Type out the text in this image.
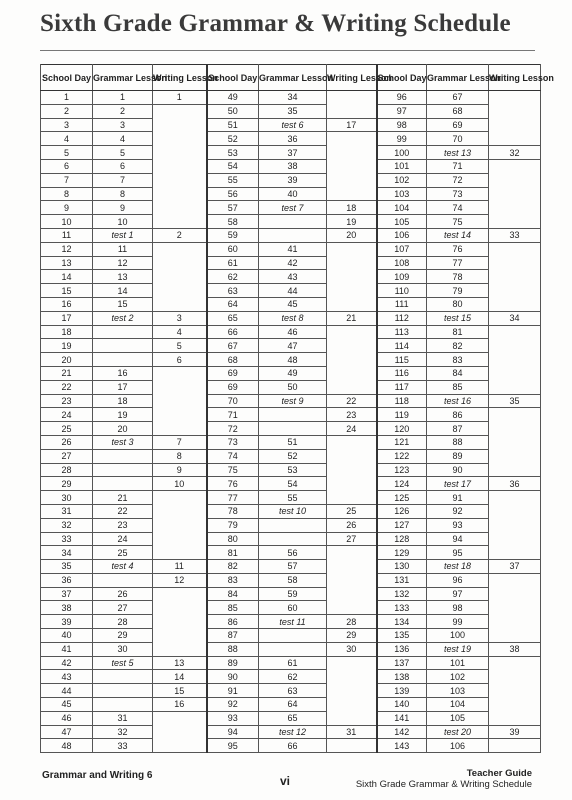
Sixth Grade Grammar & Writing Schedule
School Day	Grammar Lesson	Writing Lesson	School Day	Grammar Lesson	Writing Lesson	School Day	Grammar Lesson	Writing Lesson
1	1	1	49	34		96	67	
2	2		50	35		97	68	
3	3		51	test 6	17	98	69	
4	4		52	36		99	70	
5	5		53	37		100	test 13	32
6	6		54	38		101	71	
7	7		55	39		102	72	
8	8		56	40		103	73	
9	9		57	test 7	18	104	74	
10	10		58		19	105	75	
11	test 1	2	59		20	106	test 14	33
12	11		60	41		107	76	
13	12		61	42		108	77	
14	13		62	43		109	78	
15	14		63	44		110	79	
16	15		64	45		111	80	
17	test 2	3	65	test 8	21	112	test 15	34
18		4	66	46		113	81	
19		5	67	47		114	82	
20		6	68	48		115	83	
21	16		69	49		116	84	
22	17		69	50		117	85	
23	18		70	test 9	22	118	test 16	35
24	19		71		23	119	86	
25	20		72		24	120	87	
26	test 3	7	73	51		121	88	
27		8	74	52		122	89	
28		9	75	53		123	90	
29		10	76	54		124	test 17	36
30	21		77	55		125	91	
31	22		78	test 10	25	126	92	
32	23		79		26	127	93	
33	24		80		27	128	94	
34	25		81	56		129	95	
35	test 4	11	82	57		130	test 18	37
36		12	83	58		131	96	
37	26		84	59		132	97	
38	27		85	60		133	98	
39	28		86	test 11	28	134	99	
40	29		87		29	135	100	
41	30		88		30	136	test 19	38
42	test 5	13	89	61		137	101	
43		14	90	62		138	102	
44		15	91	63		139	103	
45		16	92	64		140	104	
46	31		93	65		141	105	
47	32		94	test 12	31	142	test 20	39
48	33		95	66		143	106	
Grammar and Writing 6	vi
Teacher Guide
Sixth Grade Grammar & Writing Schedule
